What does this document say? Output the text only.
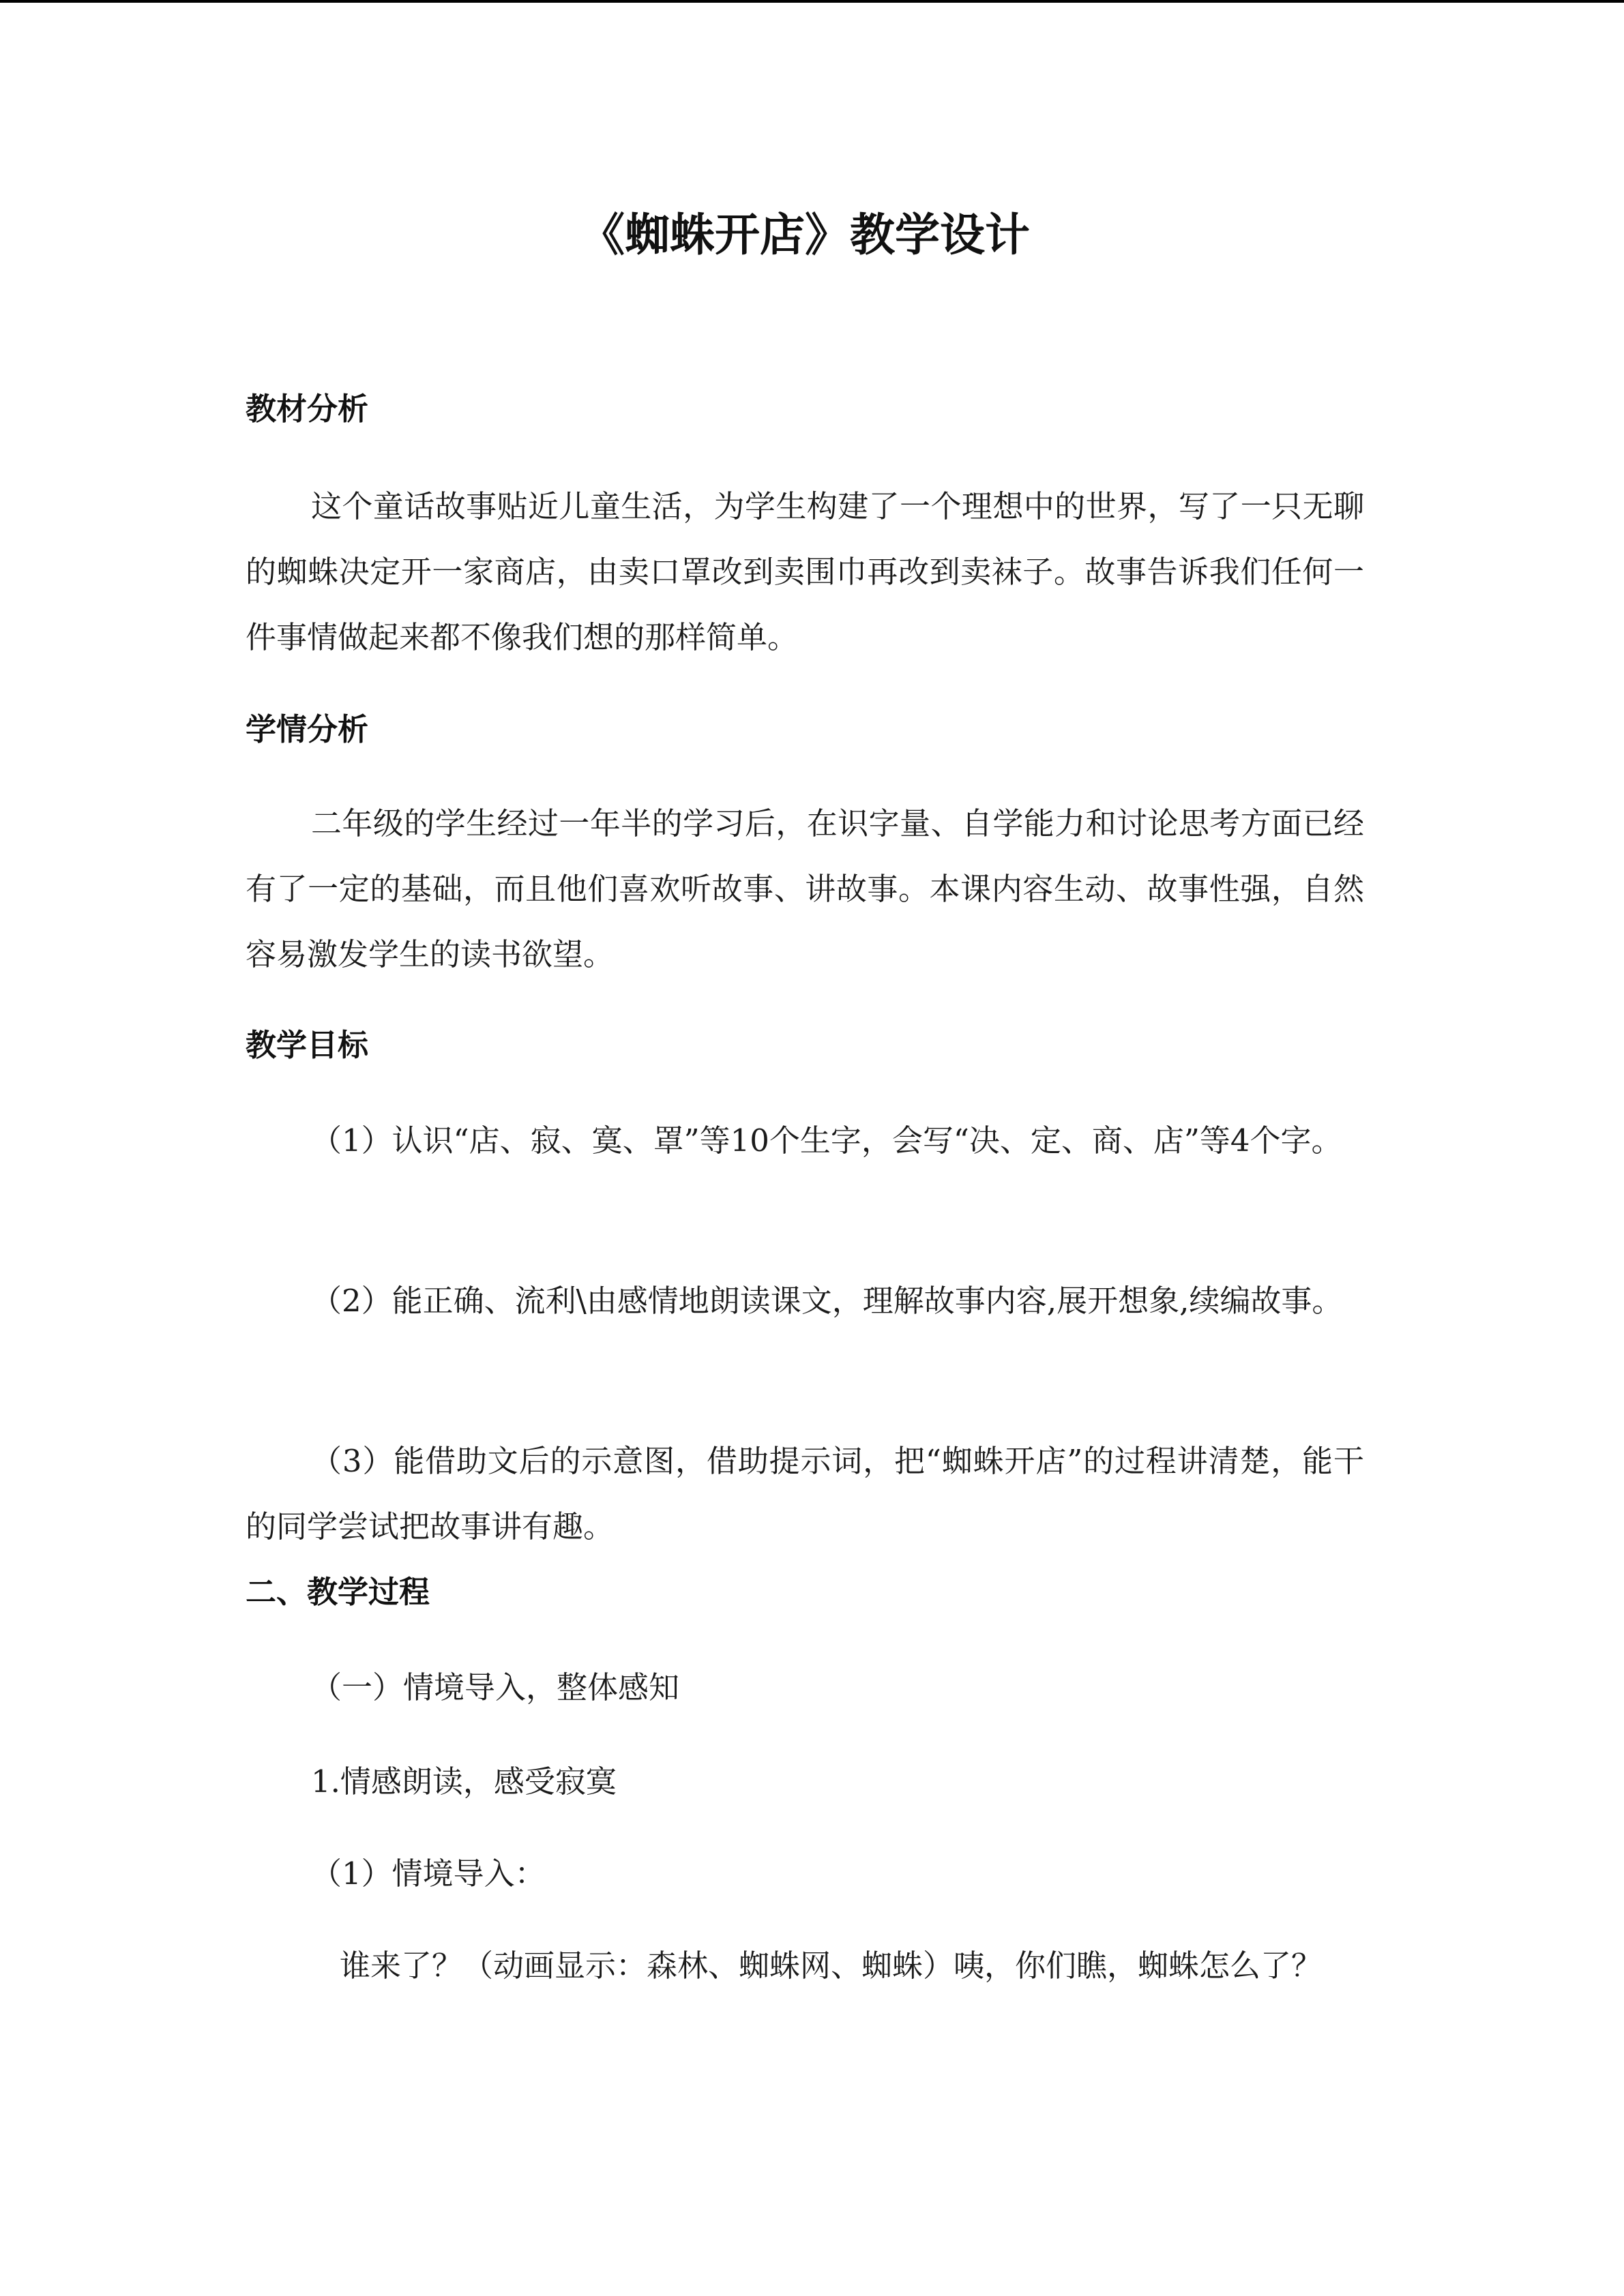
《蜘蛛开店》教学设计
教材分析

这个童话故事贴近儿童生活，为学生构建了一个理想中的世界，写了一只无聊的蜘蛛决定开一家商店，由卖口罩改到卖围巾再改到卖袜子。故事告诉我们任何一件事情做起来都不像我们想的那样简单。

学情分析

二年级的学生经过一年半的学习后，在识字量、自学能力和讨论思考方面已经有了一定的基础，而且他们喜欢听故事、讲故事。本课内容生动、故事性强，自然容易激发学生的读书欲望。

教学目标

（1）认识“店、寂、寞、罩”等10个生字，会写“决、定、商、店”等4个字。

（2）能正确、流利\由感情地朗读课文，理解故事内容,展开想象,续编故事。

（3）能借助文后的示意图，借助提示词，把“蜘蛛开店”的过程讲清楚，能干的同学尝试把故事讲有趣。

二、教学过程

（一）情境导入，整体感知

1.情感朗读，感受寂寞

（1）情境导入：

谁来了？（动画显示：森林、蜘蛛网、蜘蛛）咦，你们瞧，蜘蛛怎么了？
